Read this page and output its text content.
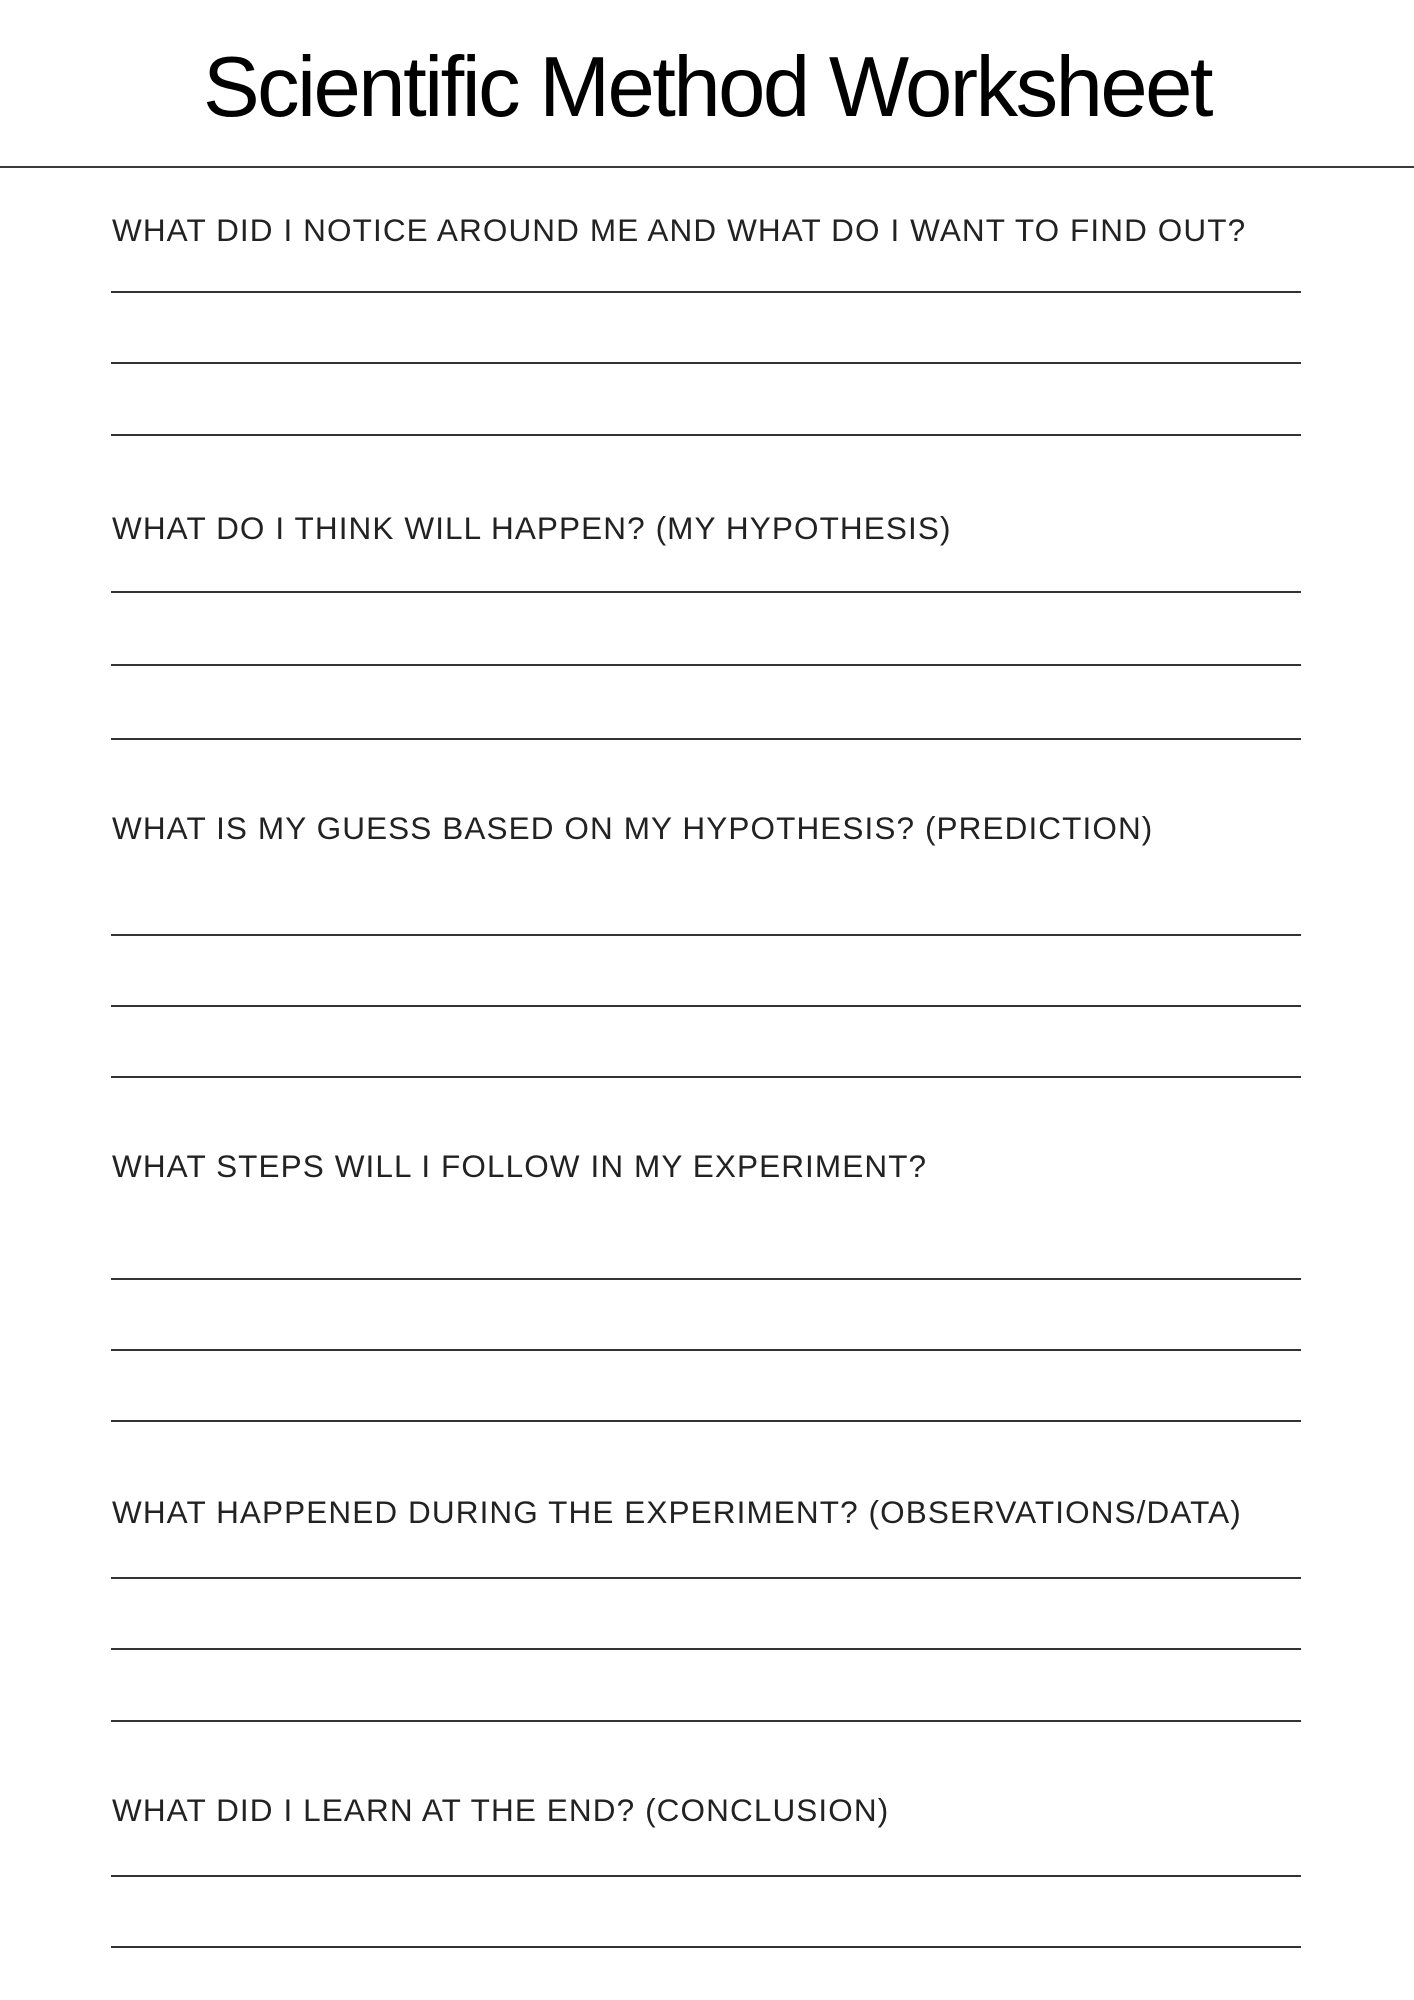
Scientific Method Worksheet
WHAT DID I NOTICE AROUND ME AND WHAT DO I WANT TO FIND OUT?
WHAT DO I THINK WILL HAPPEN? (MY HYPOTHESIS)
WHAT IS MY GUESS BASED ON MY HYPOTHESIS? (PREDICTION)
WHAT STEPS WILL I FOLLOW IN MY EXPERIMENT?
WHAT HAPPENED DURING THE EXPERIMENT? (OBSERVATIONS/DATA)
WHAT DID I LEARN AT THE END? (CONCLUSION)
